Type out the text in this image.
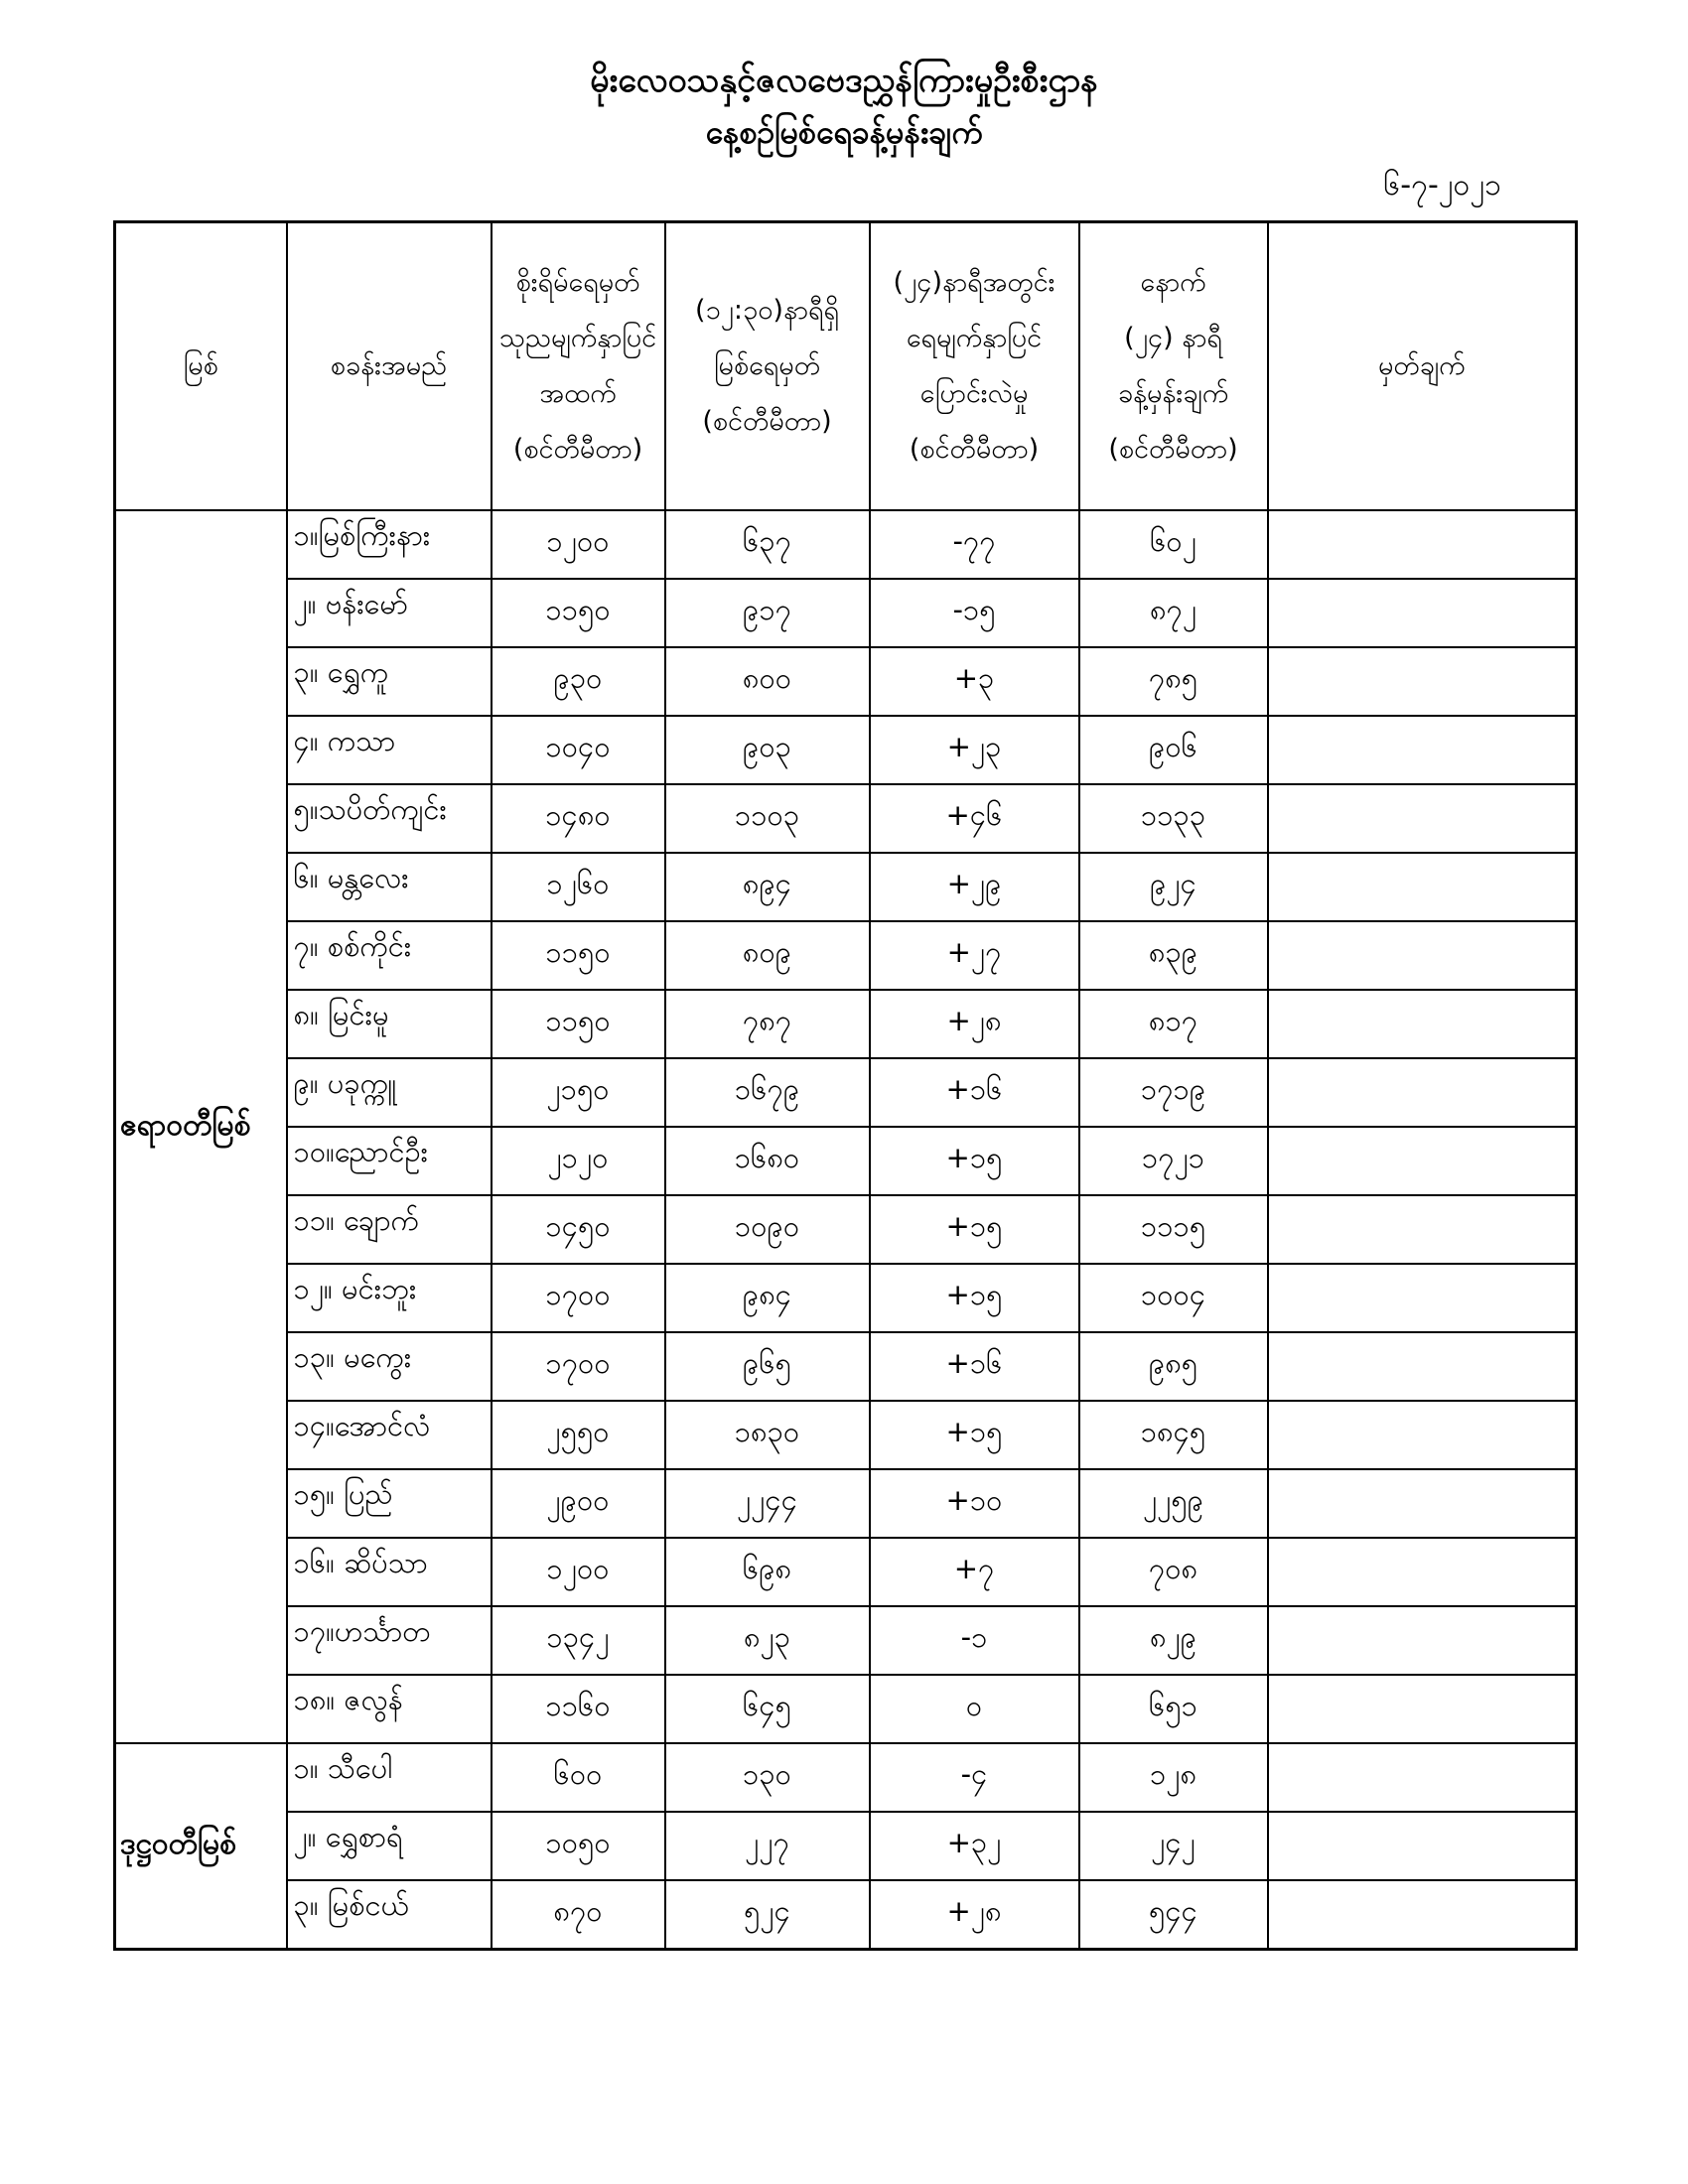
မိုးလေဝသနှင့်ဇလဗေဒညွှန်ကြားမှုဦးစီးဌာန
နေ့စဉ်မြစ်ရေခန့်မှန်းချက်
၆-၇-၂၀၂၁
မြစ်	စခန်းအမည်	စိုးရိမ်ရေမှတ်
သုညမျက်နှာပြင်
အထက်
(စင်တီမီတာ)	(၁၂:၃၀)နာရီရှိ
မြစ်ရေမှတ်
(စင်တီမီတာ)	(၂၄)နာရီအတွင်း
ရေမျက်နှာပြင်
ပြောင်းလဲမှု
(စင်တီမီတာ)	နောက်
(၂၄) နာရီ
ခန့်မှန်းချက်
(စင်တီမီတာ)	မှတ်ချက်

ဧရာဝတီမြစ်	၁။မြစ်ကြီးနား	၁၂၀၀	၆၃၇	-၇၇	၆၀၂	
	၂။ ဗန်းမော်	၁၁၅၀	၉၁၇	-၁၅	၈၇၂	
	၃။ ရွှေကူ	၉၃၀	၈၀၀	+၃	၇၈၅	
	၄။ ကသာ	၁၀၄၀	၉၀၃	+၂၃	၉၀၆	
	၅။သပိတ်ကျင်း	၁၄၈၀	၁၁၀၃	+၄၆	၁၁၃၃	
	၆။ မန္တလေး	၁၂၆၀	၈၉၄	+၂၉	၉၂၄	
	၇။ စစ်ကိုင်း	၁၁၅၀	၈၀၉	+၂၇	၈၃၉	
	၈။ မြင်းမူ	၁၁၅၀	၇၈၇	+၂၈	၈၁၇	
	၉။ ပခုက္ကူ	၂၁၅၀	၁၆၇၉	+၁၆	၁၇၁၉	
	၁၀။ညောင်ဦး	၂၁၂၀	၁၆၈၀	+၁၅	၁၇၂၁	
	၁၁။ ချောက်	၁၄၅၀	၁၀၉၀	+၁၅	၁၁၁၅	
	၁၂။ မင်းဘူး	၁၇၀၀	၉၈၄	+၁၅	၁၀၀၄	
	၁၃။ မကွေး	၁၇၀၀	၉၆၅	+၁၆	၉၈၅	
	၁၄။အောင်လံ	၂၅၅၀	၁၈၃၀	+၁၅	၁၈၄၅	
	၁၅။ ပြည်	၂၉၀၀	၂၂၄၄	+၁၀	၂၂၅၉	
	၁၆။ ဆိပ်သာ	၁၂၀၀	၆၉၈	+၇	၇၀၈	
	၁၇။ဟင်္သာတ	၁၃၄၂	၈၂၃	-၁	၈၂၉	
	၁၈။ ဇလွန်	၁၁၆၀	၆၄၅	၀	၆၅၁	
ဒုဋ္ဌဝတီမြစ်	၁။ သီပေါ	၆၀၀	၁၃၀	-၄	၁၂၈	
	၂။ ရွှေစာရံ	၁၀၅၀	၂၂၇	+၃၂	၂၄၂	
	၃။ မြစ်ငယ်	၈၇၀	၅၂၄	+၂၈	၅၄၄	
